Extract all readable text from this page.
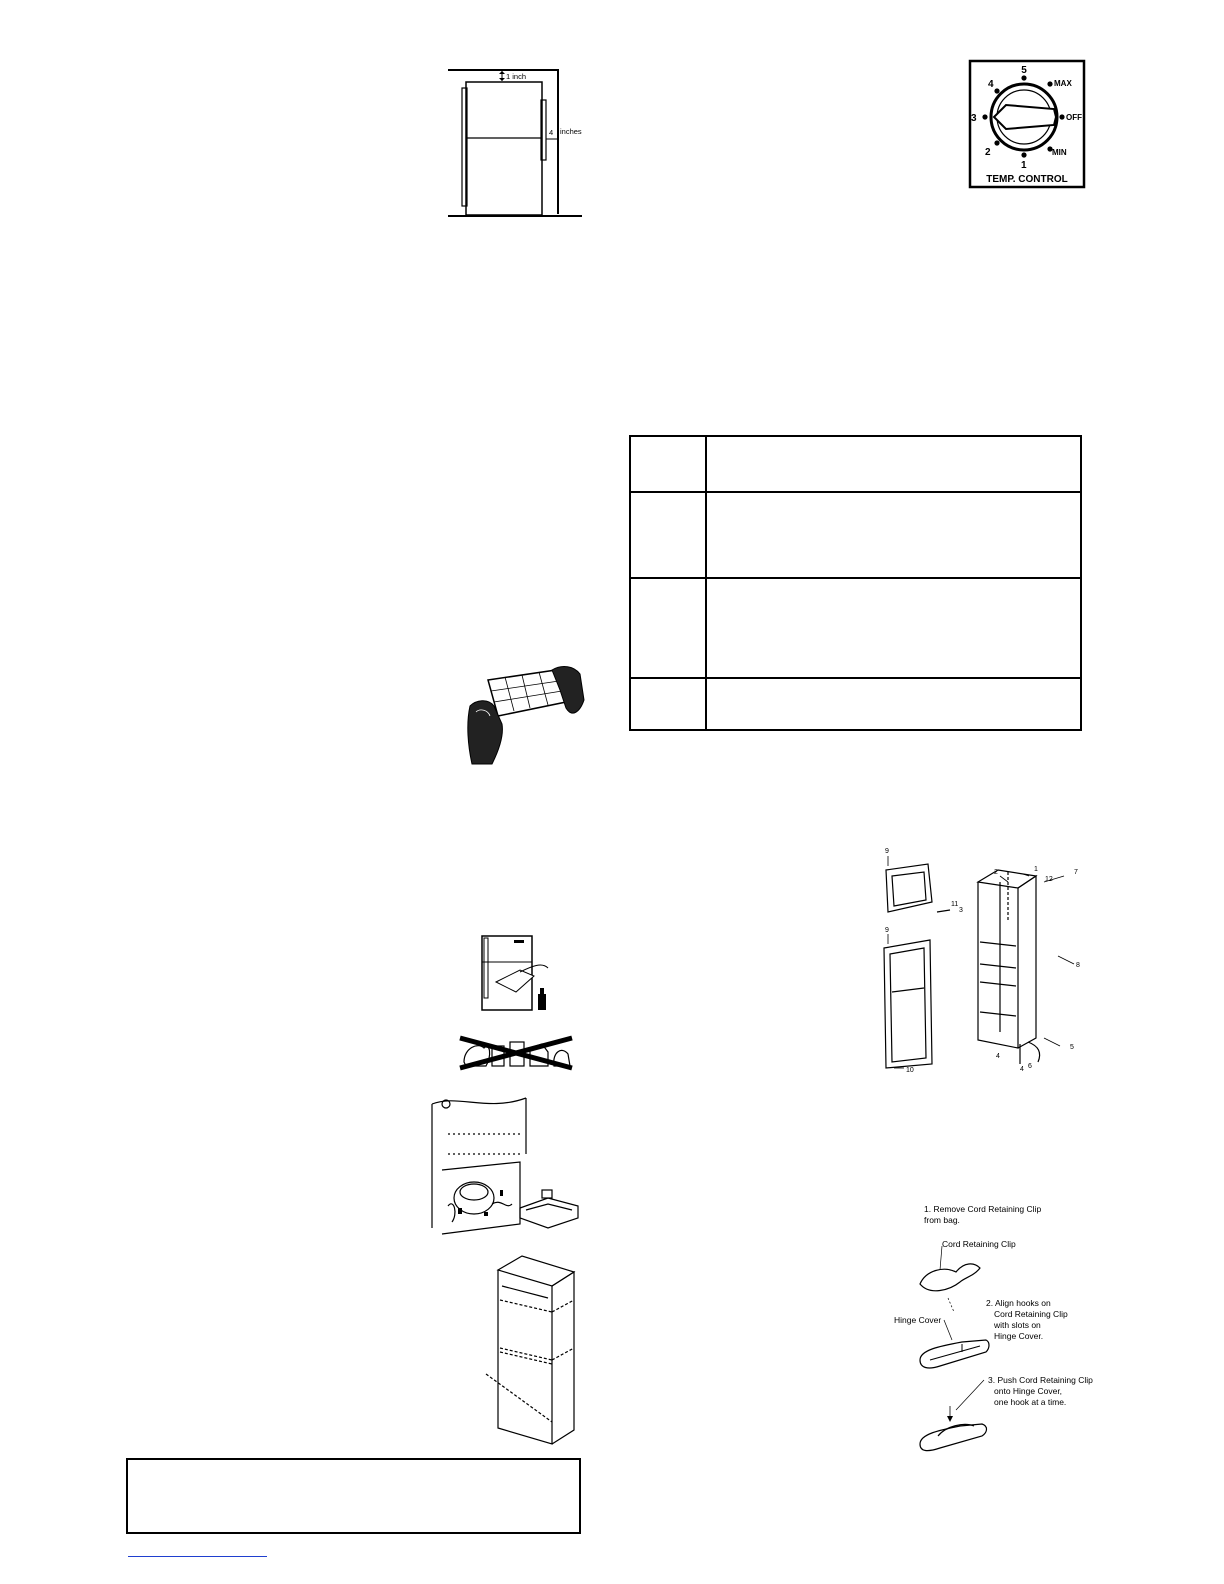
1 inch
4 inches
5
4
3
2
1
MAX
OFF
MIN
TEMP. CONTROL

9
9
11
3
2	1
12
7
8
5
4
6
10	4
1. Remove Cord Retaining Clip
from bag.
Cord Retaining Clip
2. Align hooks on
Cord Retaining Clip
with slots on
Hinge Cover.
Hinge Cover
3. Push Cord Retaining Clip
onto Hinge Cover,
one hook at a time.
